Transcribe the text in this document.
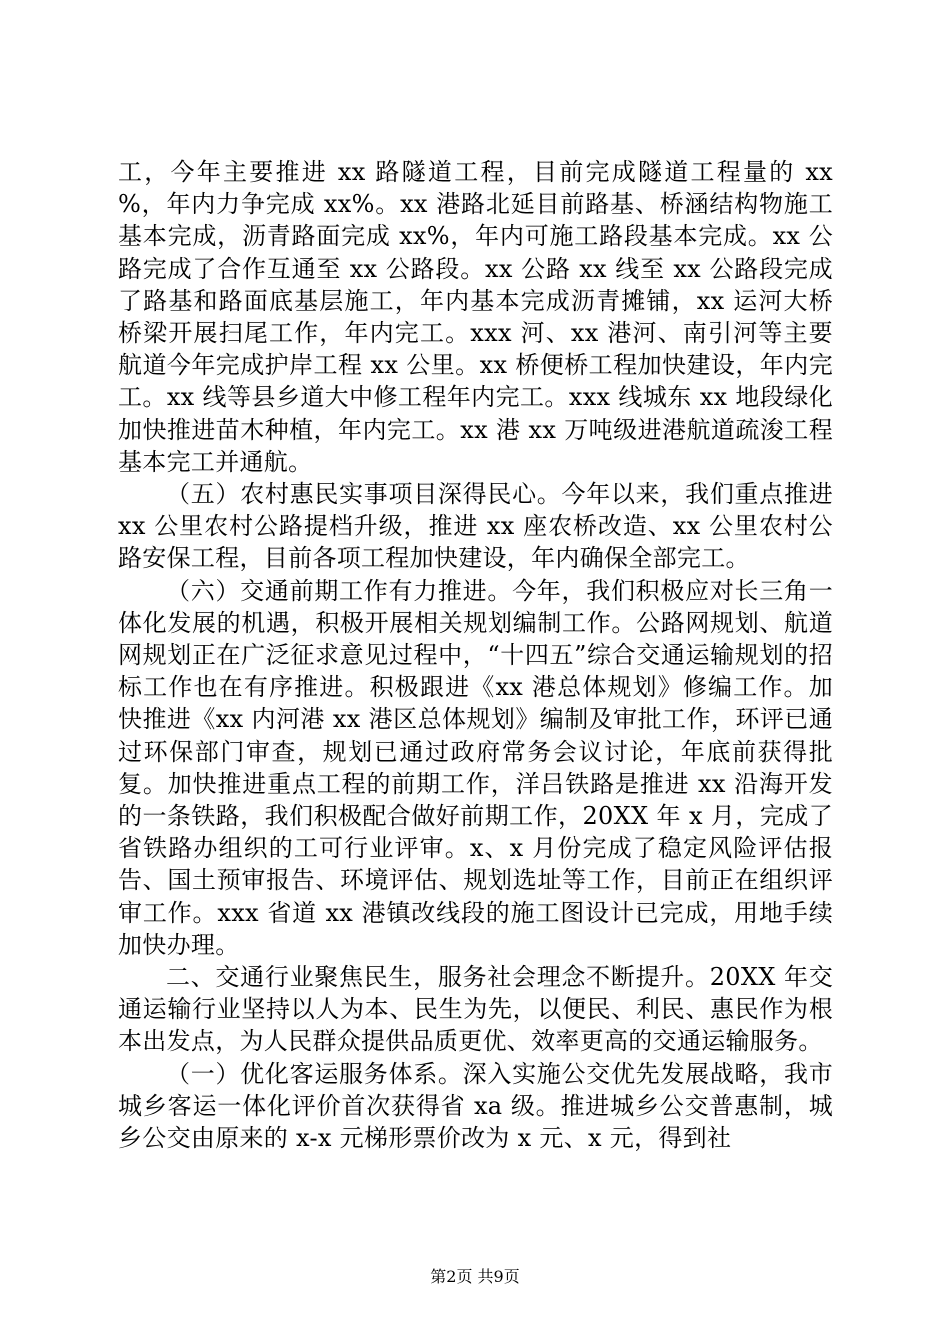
工，今年主要推进 xx 路隧道工程，目前完成隧道工程量的 xx %，年内力争完成 xx%。xx 港路北延目前路基、桥涵结构物施工基本完成，沥青路面完成 xx%，年内可施工路段基本完成。xx 公路完成了合作互通至 xx 公路段。xx 公路 xx 线至 xx 公路段完成了路基和路面底基层施工，年内基本完成沥青摊铺，xx 运河大桥桥梁开展扫尾工作，年内完工。xxx 河、xx 港河、南引河等主要航道今年完成护岸工程 xx 公里。xx 桥便桥工程加快建设，年内完工。xx 线等县乡道大中修工程年内完工。xxx 线城东 xx 地段绿化加快推进苗木种植，年内完工。xx 港 xx 万吨级进港航道疏浚工程基本完工并通航。

（五）农村惠民实事项目深得民心。今年以来，我们重点推进 xx 公里农村公路提档升级，推进 xx 座农桥改造、xx 公里农村公路安保工程，目前各项工程加快建设，年内确保全部完工。

（六）交通前期工作有力推进。今年，我们积极应对长三角一体化发展的机遇，积极开展相关规划编制工作。公路网规划、航道网规划正在广泛征求意见过程中，“十四五”综合交通运输规划的招标工作也在有序推进。积极跟进《xx 港总体规划》修编工作。加快推进《xx 内河港 xx 港区总体规划》编制及审批工作，环评已通过环保部门审查，规划已通过政府常务会议讨论，年底前获得批复。加快推进重点工程的前期工作，洋吕铁路是推进 xx 沿海开发的一条铁路，我们积极配合做好前期工作，20XX 年 x 月，完成了省铁路办组织的工可行业评审。x、x 月份完成了稳定风险评估报告、国土预审报告、环境评估、规划选址等工作，目前正在组织评审工作。xxx 省道 xx 港镇改线段的施工图设计已完成，用地手续加快办理。

二、交通行业聚焦民生，服务社会理念不断提升。20XX 年交通运输行业坚持以人为本、民生为先，以便民、利民、惠民作为根本出发点，为人民群众提供品质更优、效率更高的交通运输服务。

（一）优化客运服务体系。深入实施公交优先发展战略，我市城乡客运一体化评价首次获得省 xa 级。推进城乡公交普惠制，城乡公交由原来的 x-x 元梯形票价改为 x 元、x 元，得到社

第2页 共9页
